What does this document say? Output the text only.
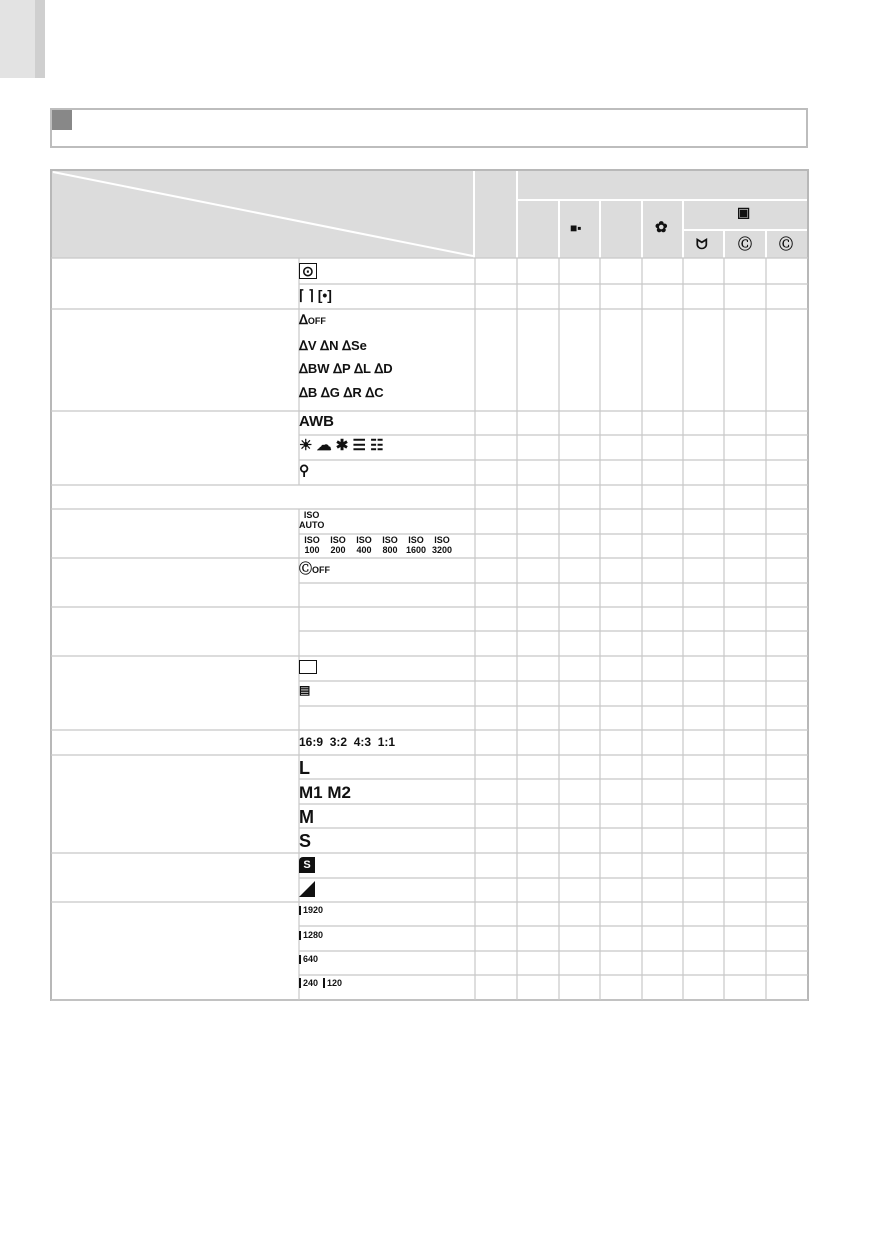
■▪	✿
▣
ᗢ Ⓒ Ⓒ
⊙
⌈ ⌉ [•]
ᐃOFF
ᐃV ᐃN ᐃSe
ᐃBW ᐃP ᐃL ᐃD
ᐃB ᐃG ᐃR ᐃC
AWB
☀ ☁ ✱ ☰ ☷
⚲
ISO
AUTO
ISO
100ISO
200ISO
400ISO
800ISO
1600ISO
3200
ⒸOFF
▤
16:9 3:2 4:3 1:1
L
M1 M2
M
S
S
1920
1280
640
240 120
